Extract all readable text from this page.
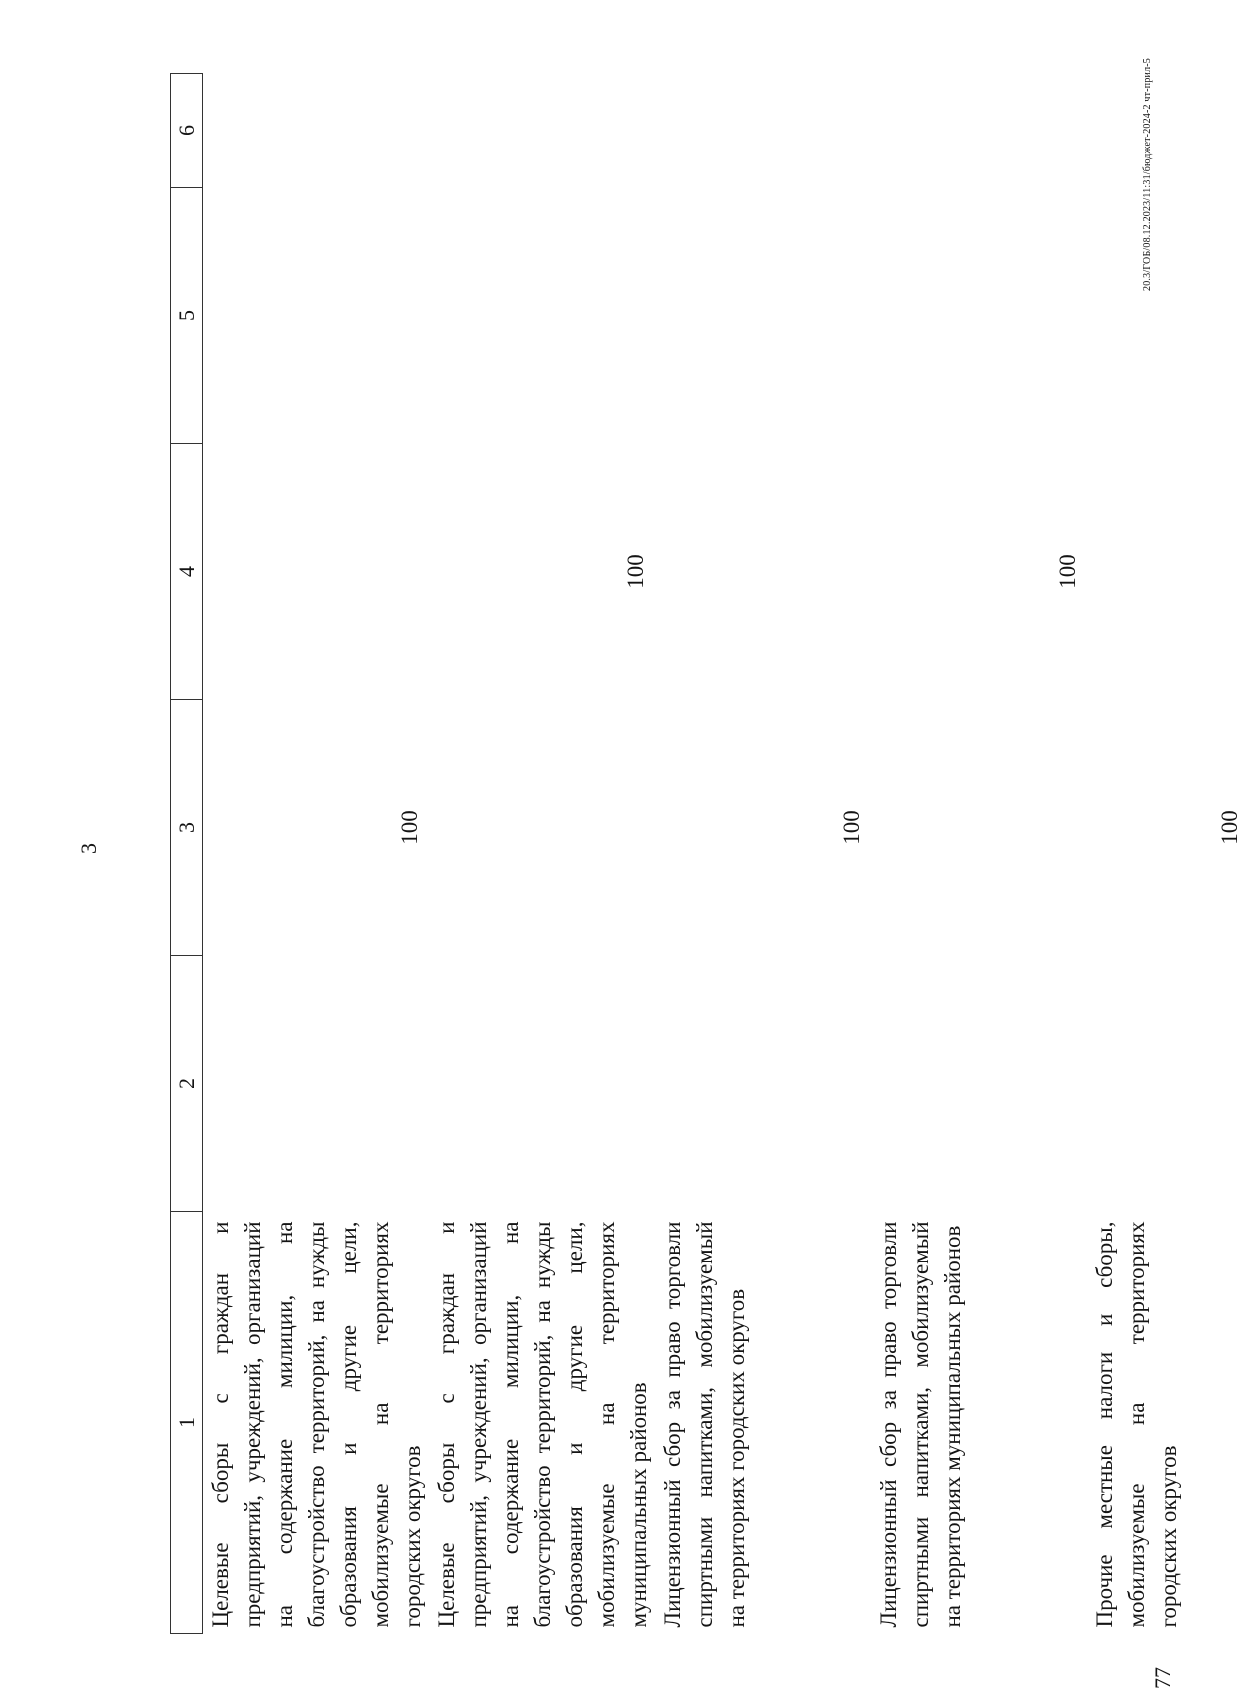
3
1	2	3	4	5	6

Целевые сборы с граждан и предприятий, учреждений, организаций на содержание милиции, на благоустройство территорий, на нужды образования и другие цели, мобилизуемые на территориях городских округов		100			

Целевые сборы с граждан и предприятий, учреждений, организаций на содержание милиции, на благоустройство территорий, на нужды образования и другие цели, мобилизуемые на территориях муниципальных районов			100		

Лицензионный сбор за право торговли спиртными напитками, мобилизуемый на территориях городских округов		100			

Лицензионный сбор за право торговли спиртными напитками, мобилизуемый на территориях муниципальных районов			100		

Прочие местные налоги и сборы, мобилизуемые на территориях городских округов		100			
20.3/ГОБ/08.12.2023/11:31/бюджет-2024-2 чт-прил-5
77
